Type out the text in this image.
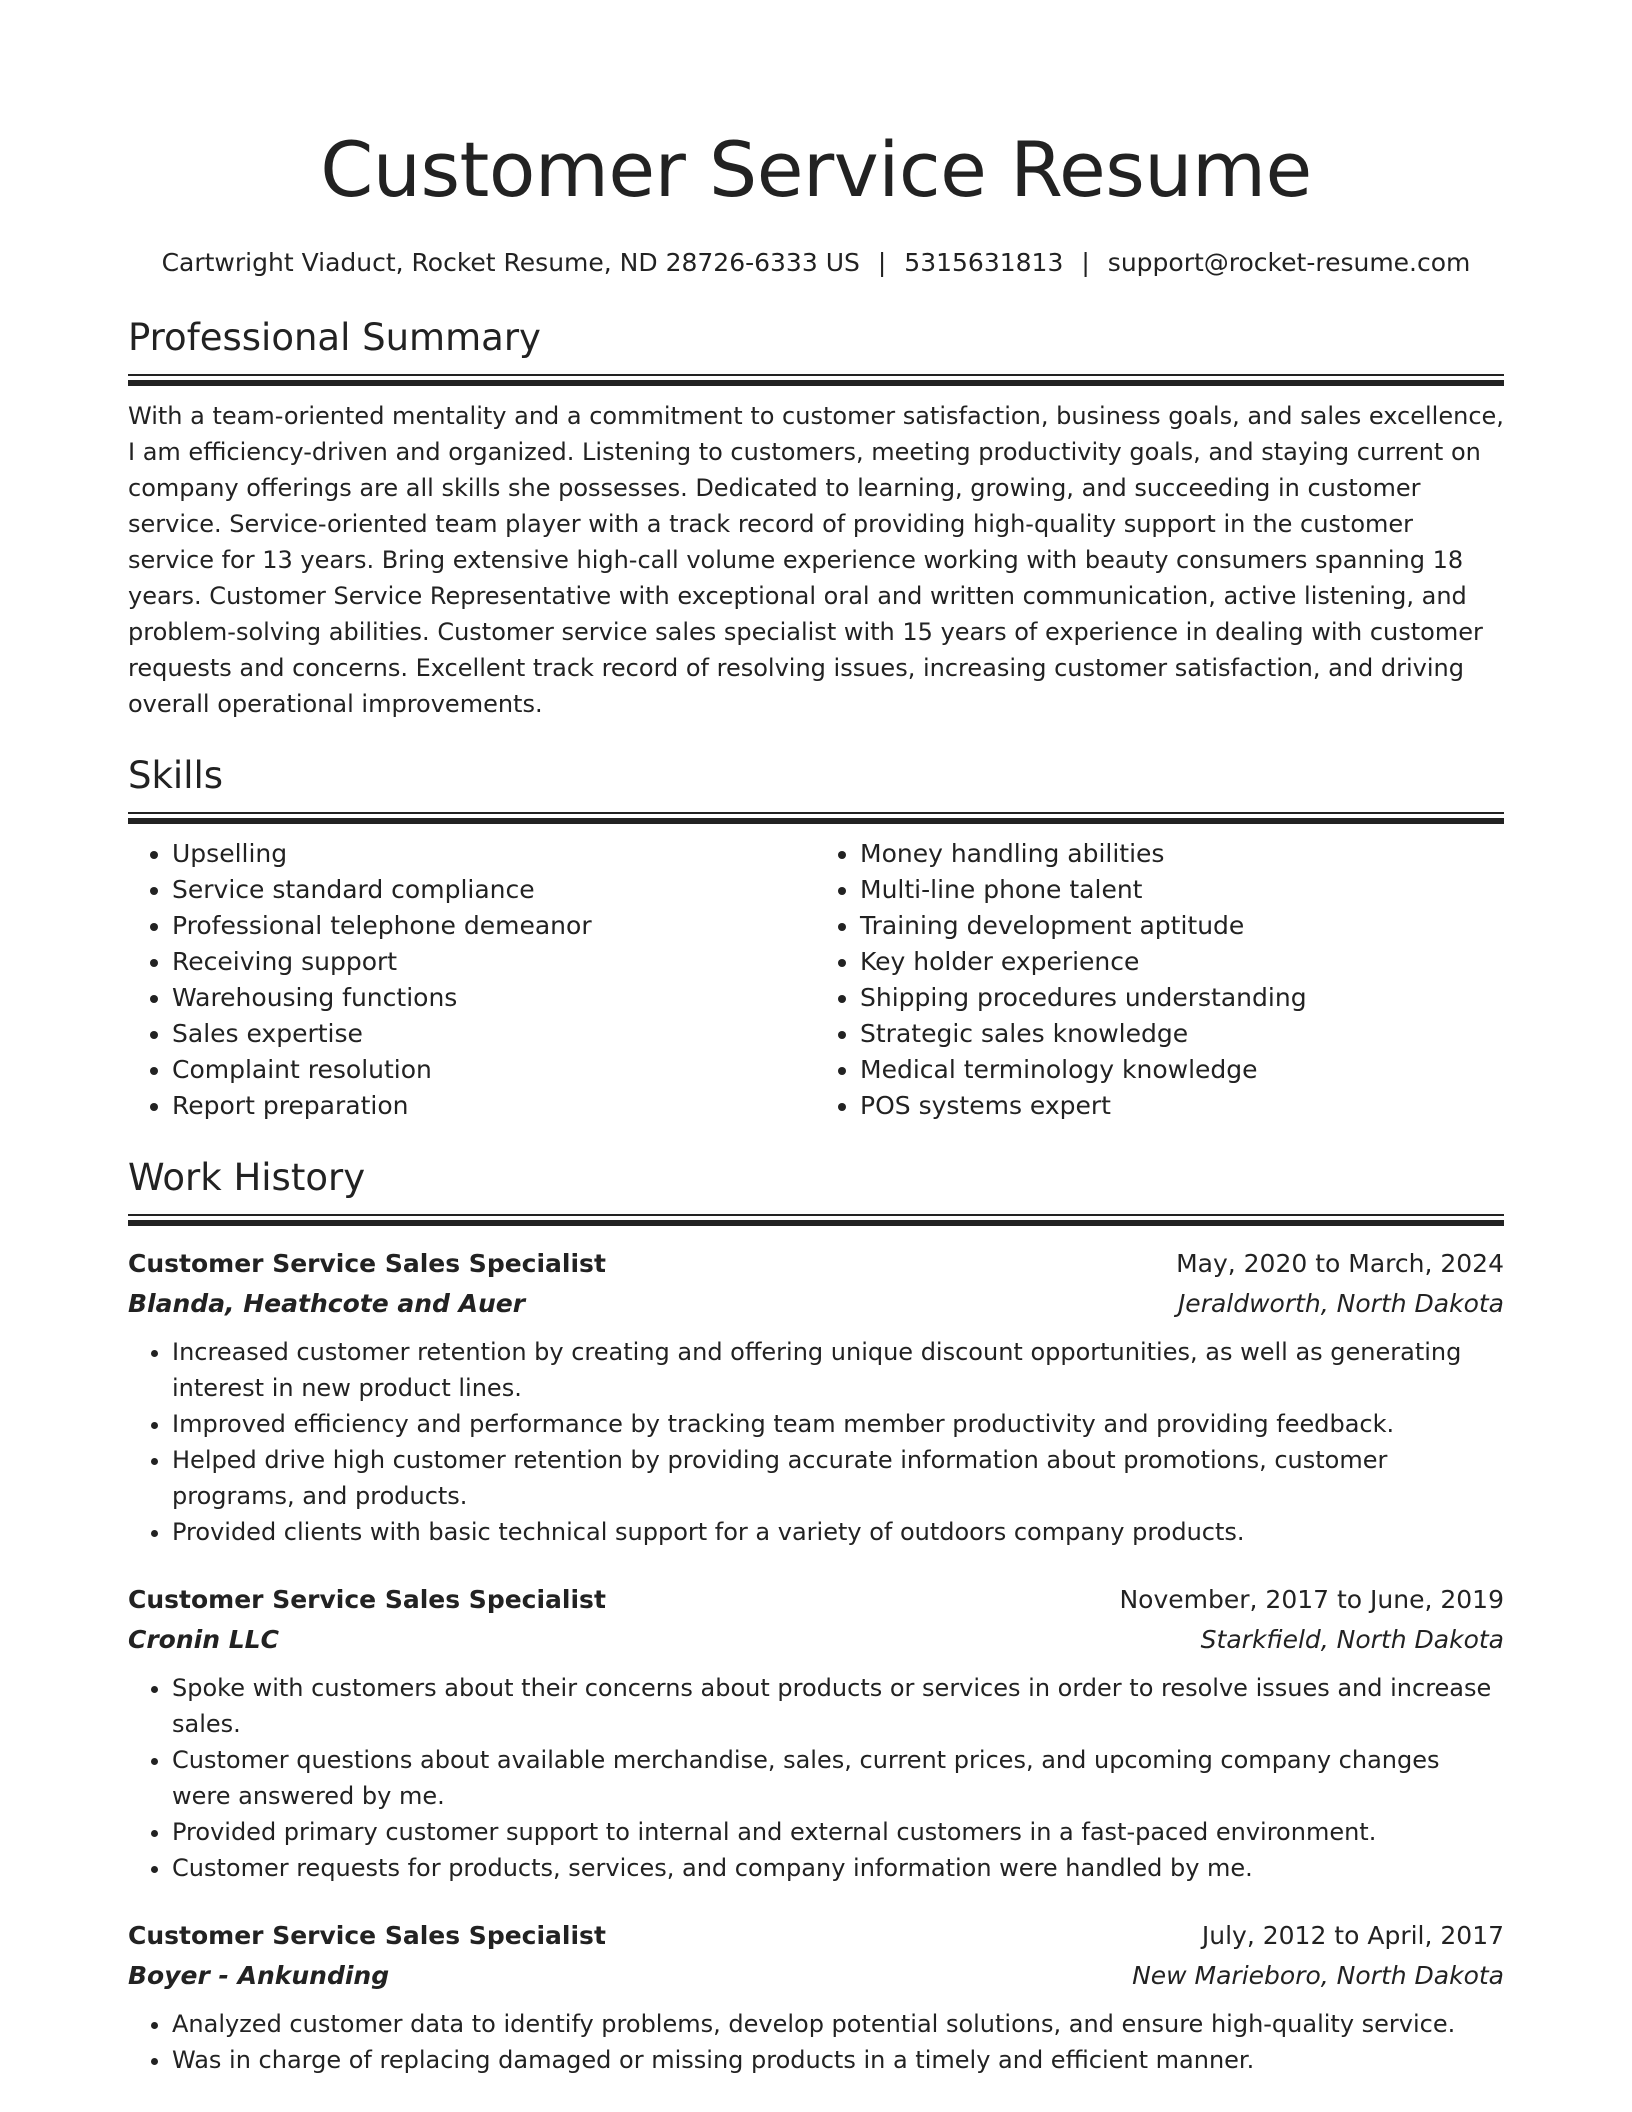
Customer Service Resume
Cartwright Viaduct, Rocket Resume, ND 28726-6333 US | 5315631813 | support@rocket-resume.com
Professional Summary

With a team-oriented mentality and a commitment to customer satisfaction, business goals, and sales excellence, I am efficiency-driven and organized. Listening to customers, meeting productivity goals, and staying current on company offerings are all skills she possesses. Dedicated to learning, growing, and succeeding in customer service. Service-oriented team player with a track record of providing high-quality support in the customer service for 13 years. Bring extensive high-call volume experience working with beauty consumers spanning 18 years. Customer Service Representative with exceptional oral and written communication, active listening, and problem-solving abilities. Customer service sales specialist with 15 years of experience in dealing with customer requests and concerns. Excellent track record of resolving issues, increasing customer satisfaction, and driving overall operational improvements.

Skills
• Upselling
• Service standard compliance
• Professional telephone demeanor
• Receiving support
• Warehousing functions
• Sales expertise
• Complaint resolution
• Report preparation
• Money handling abilities
• Multi-line phone talent
• Training development aptitude
• Key holder experience
• Shipping procedures understanding
• Strategic sales knowledge
• Medical terminology knowledge
• POS systems expert
Work History
Customer Service Sales Specialist	May, 2020 to March, 2024
Blanda, Heathcote and Auer	Jeraldworth, North Dakota
• Increased customer retention by creating and offering unique discount opportunities, as well as generating interest in new product lines.
• Improved efficiency and performance by tracking team member productivity and providing feedback.
• Helped drive high customer retention by providing accurate information about promotions, customer programs, and products.
• Provided clients with basic technical support for a variety of outdoors company products.
Customer Service Sales Specialist	November, 2017 to June, 2019
Cronin LLC	Starkfield, North Dakota
• Spoke with customers about their concerns about products or services in order to resolve issues and increase sales.
• Customer questions about available merchandise, sales, current prices, and upcoming company changes were answered by me.
• Provided primary customer support to internal and external customers in a fast-paced environment.
• Customer requests for products, services, and company information were handled by me.
Customer Service Sales Specialist	July, 2012 to April, 2017
Boyer - Ankunding	New Marieboro, North Dakota
• Analyzed customer data to identify problems, develop potential solutions, and ensure high-quality service.
• Was in charge of replacing damaged or missing products in a timely and efficient manner.
